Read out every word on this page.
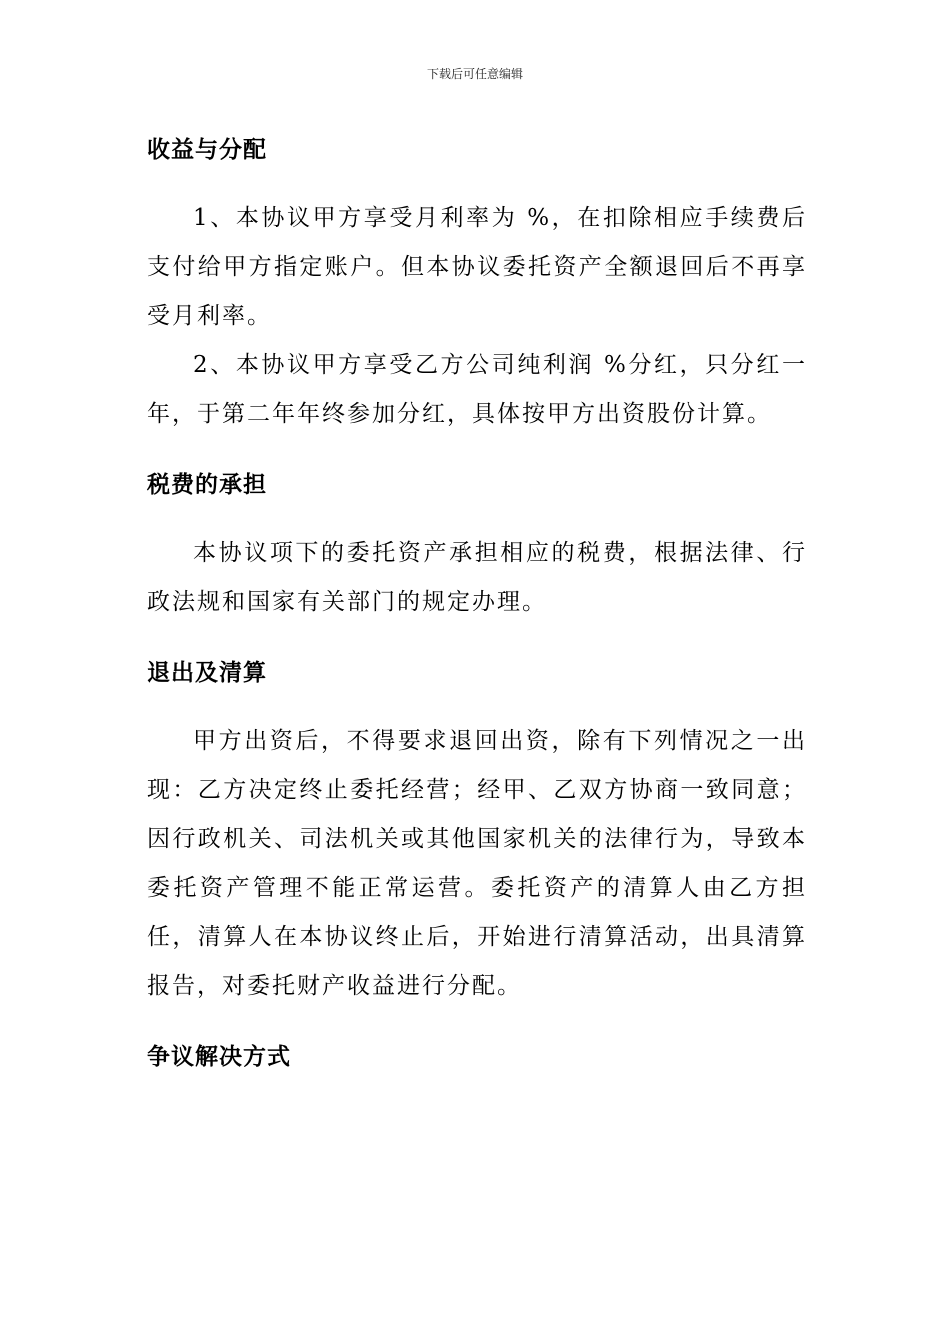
下载后可任意编辑
收益与分配

1、本协议甲方享受月利率为 %，在扣除相应手续费后支付给甲方指定账户。但本协议委托资产全额退回后不再享受月利率。

2、本协议甲方享受乙方公司纯利润 %分红，只分红一年，于第二年年终参加分红，具体按甲方出资股份计算。

税费的承担

本协议项下的委托资产承担相应的税费，根据法律、行政法规和国家有关部门的规定办理。

退出及清算

甲方出资后，不得要求退回出资，除有下列情况之一出现：乙方决定终止委托经营；经甲、乙双方协商一致同意；因行政机关、司法机关或其他国家机关的法律行为，导致本委托资产管理不能正常运营。委托资产的清算人由乙方担任，清算人在本协议终止后，开始进行清算活动，出具清算报告，对委托财产收益进行分配。

争议解决方式
